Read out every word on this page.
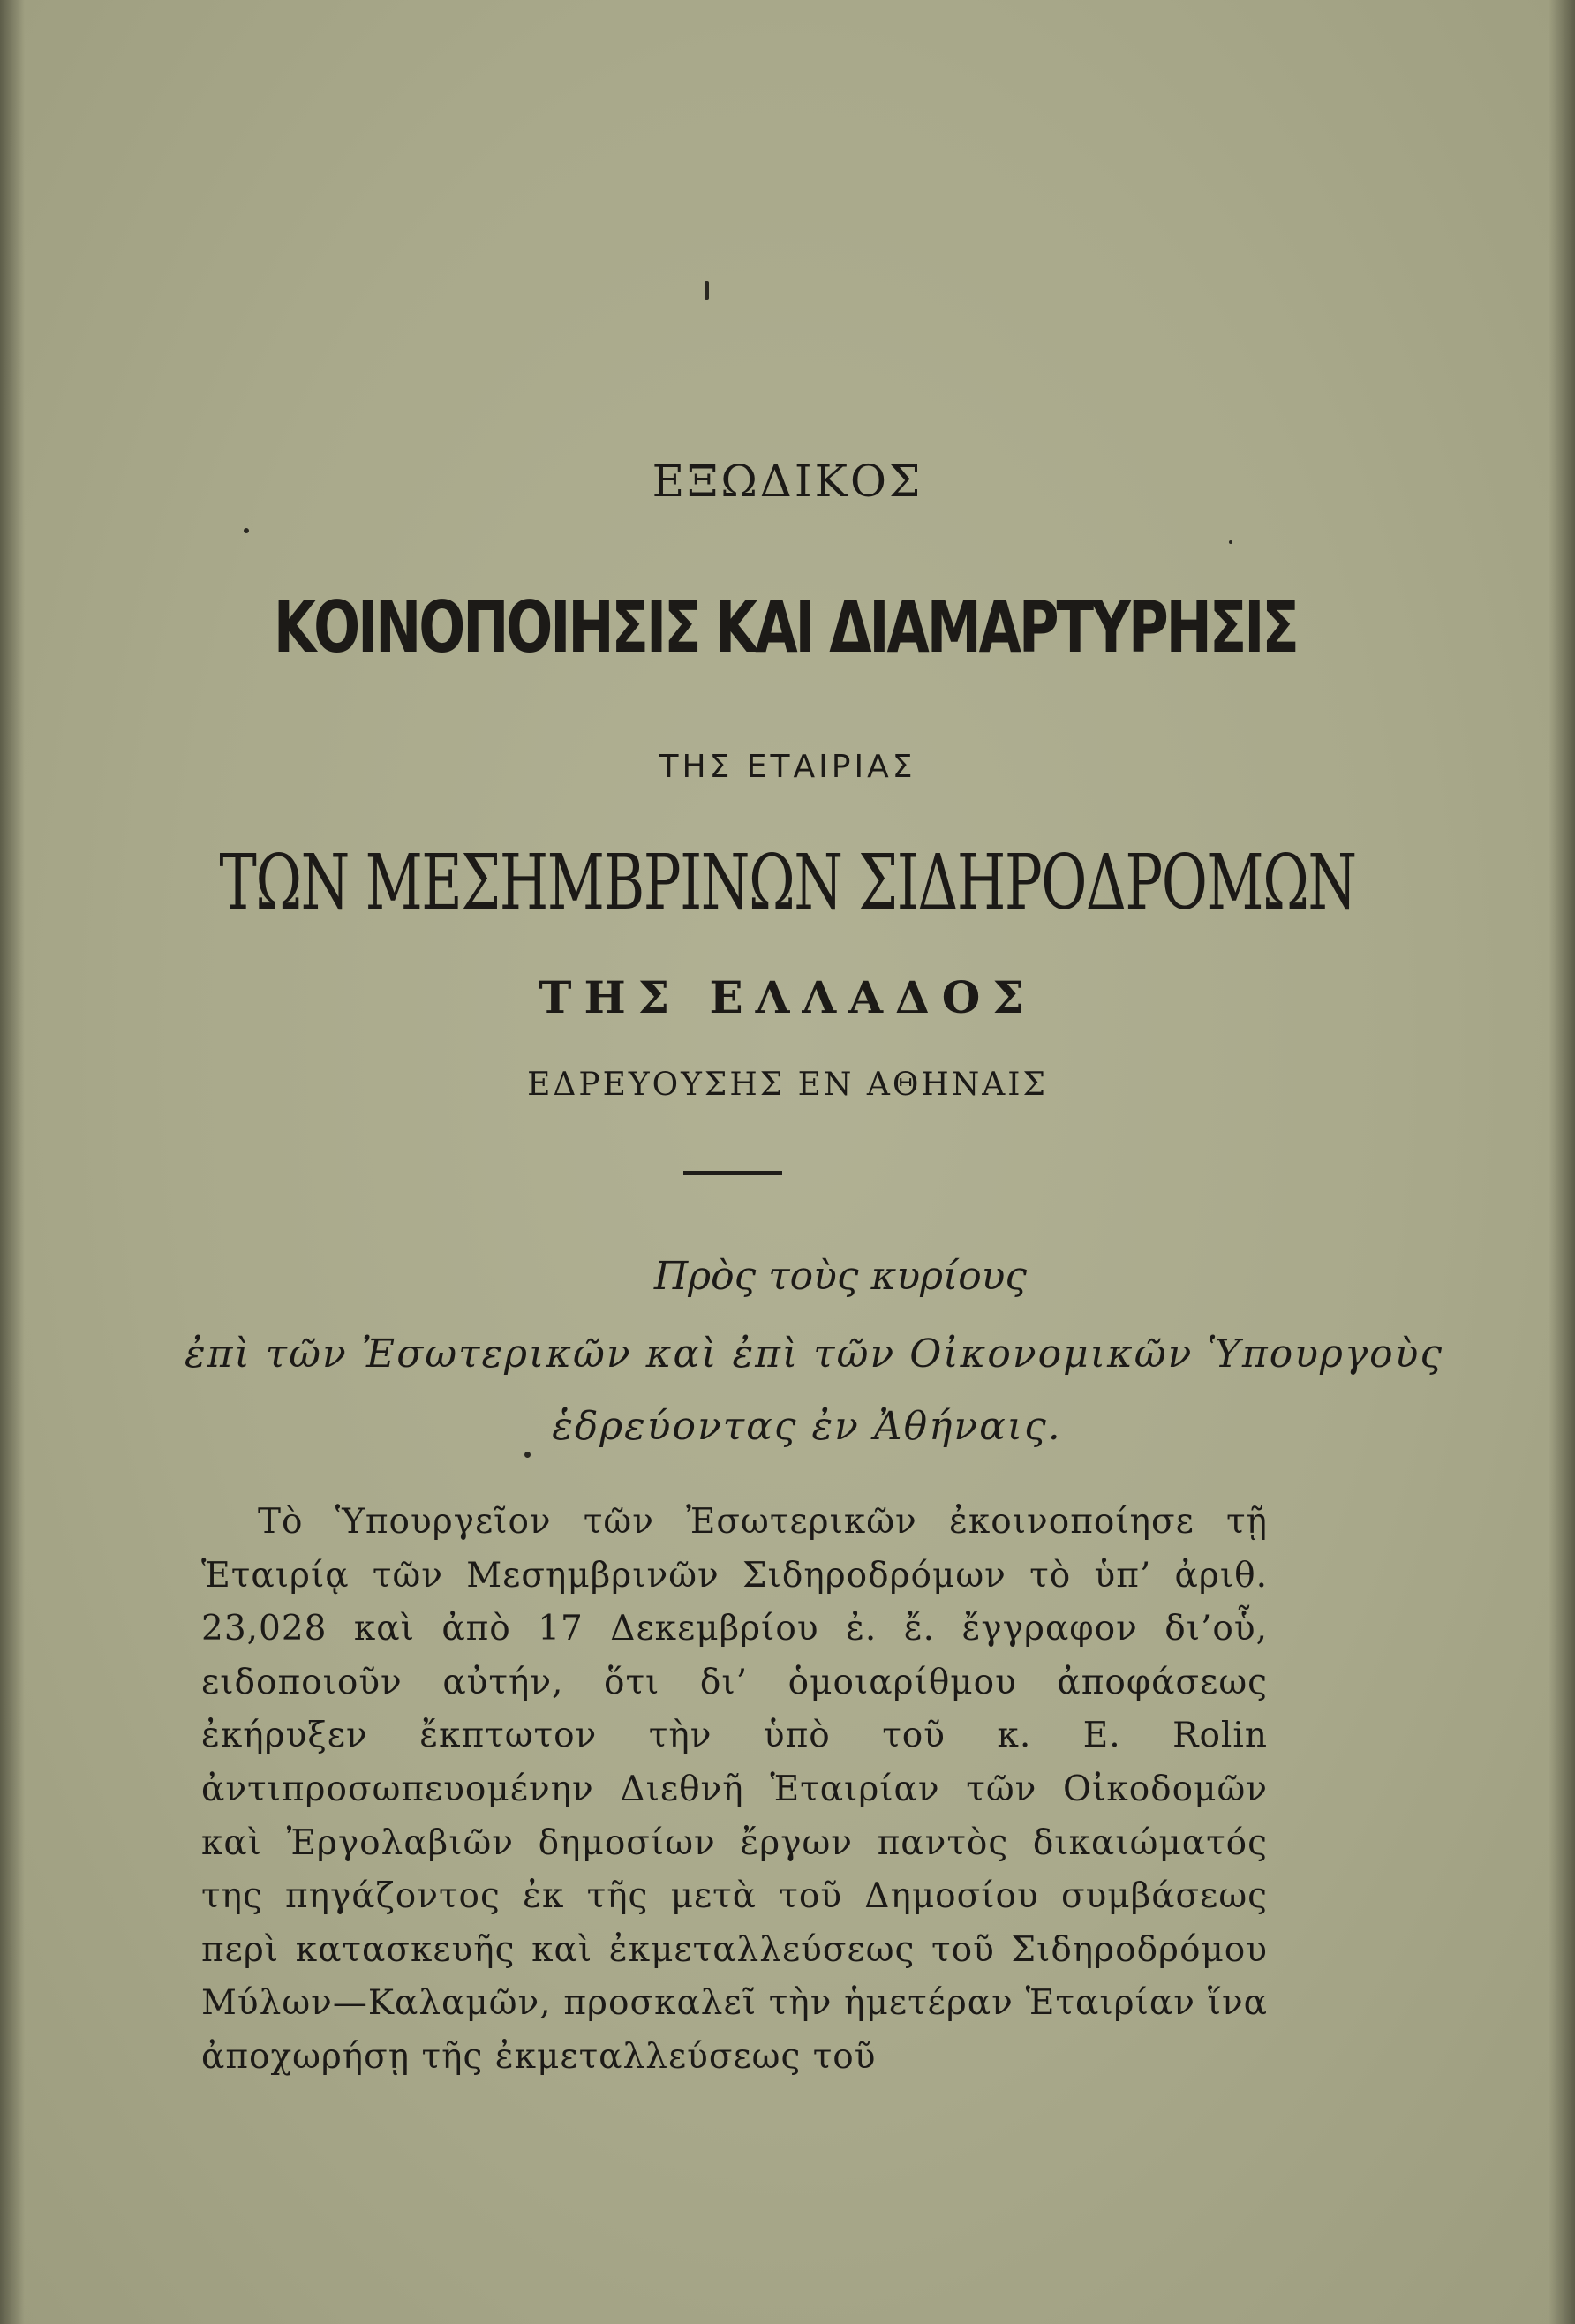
ΕΞΩΔΙΚΟΣ
ΚΟΙΝΟΠΟΙΗΣΙΣ ΚΑΙ ΔΙΑΜΑΡΤΥΡΗΣΙΣ
ΤΗΣ ΕΤΑΙΡΙΑΣ
ΤΩΝ ΜΕΣΗΜΒΡΙΝΩΝ ΣΙΔΗΡΟΔΡΟΜΩΝ
ΤΗΣ ΕΛΛΑΔΟΣ
ΕΔΡΕΥΟΥΣΗΣ ΕΝ ΑΘΗΝΑΙΣ
Πρὸς τοὺς κυρίους
ἐπὶ τῶν Ἐσωτερικῶν καὶ ἐπὶ τῶν Οἰκονομικῶν Ὑπουργοὺς
ἑδρεύοντας ἐν Ἀθήναις.
Τὸ Ὑπουργεῖον τῶν Ἐσωτερικῶν ἐκοινοποίησε τῇ Ἑταιρίᾳ τῶν Μεσημβρινῶν Σιδηροδρόμων τὸ ὑπ’ ἀριθ. 23,028 καὶ ἀπὸ 17 Δεκεμβρίου ἐ. ἔ. ἔγγραφον δι’οὗ, ειδοποιοῦν αὐτήν, ὅτι δι’ ὁμοιαρίθμου ἀποφάσεως ἐκήρυξεν ἔκπτωτον τὴν ὑπὸ τοῦ κ. E. Rolin ἀντιπροσωπευομένην Διεθνῆ Ἑταιρίαν τῶν Οἰκοδομῶν καὶ Ἐργολαβιῶν δημοσίων ἔργων παντὸς δικαιώματός της πηγάζοντος ἐκ τῆς μετὰ τοῦ Δημοσίου συμβάσεως περὶ κατασκευῆς καὶ ἐκμεταλλεύσεως τοῦ Σιδηροδρόμου Μύλων—Καλαμῶν, προσκαλεῖ τὴν ἡμετέραν Ἑταιρίαν ἵνα ἀποχωρήσῃ τῆς ἐκμεταλλεύσεως τοῦ
